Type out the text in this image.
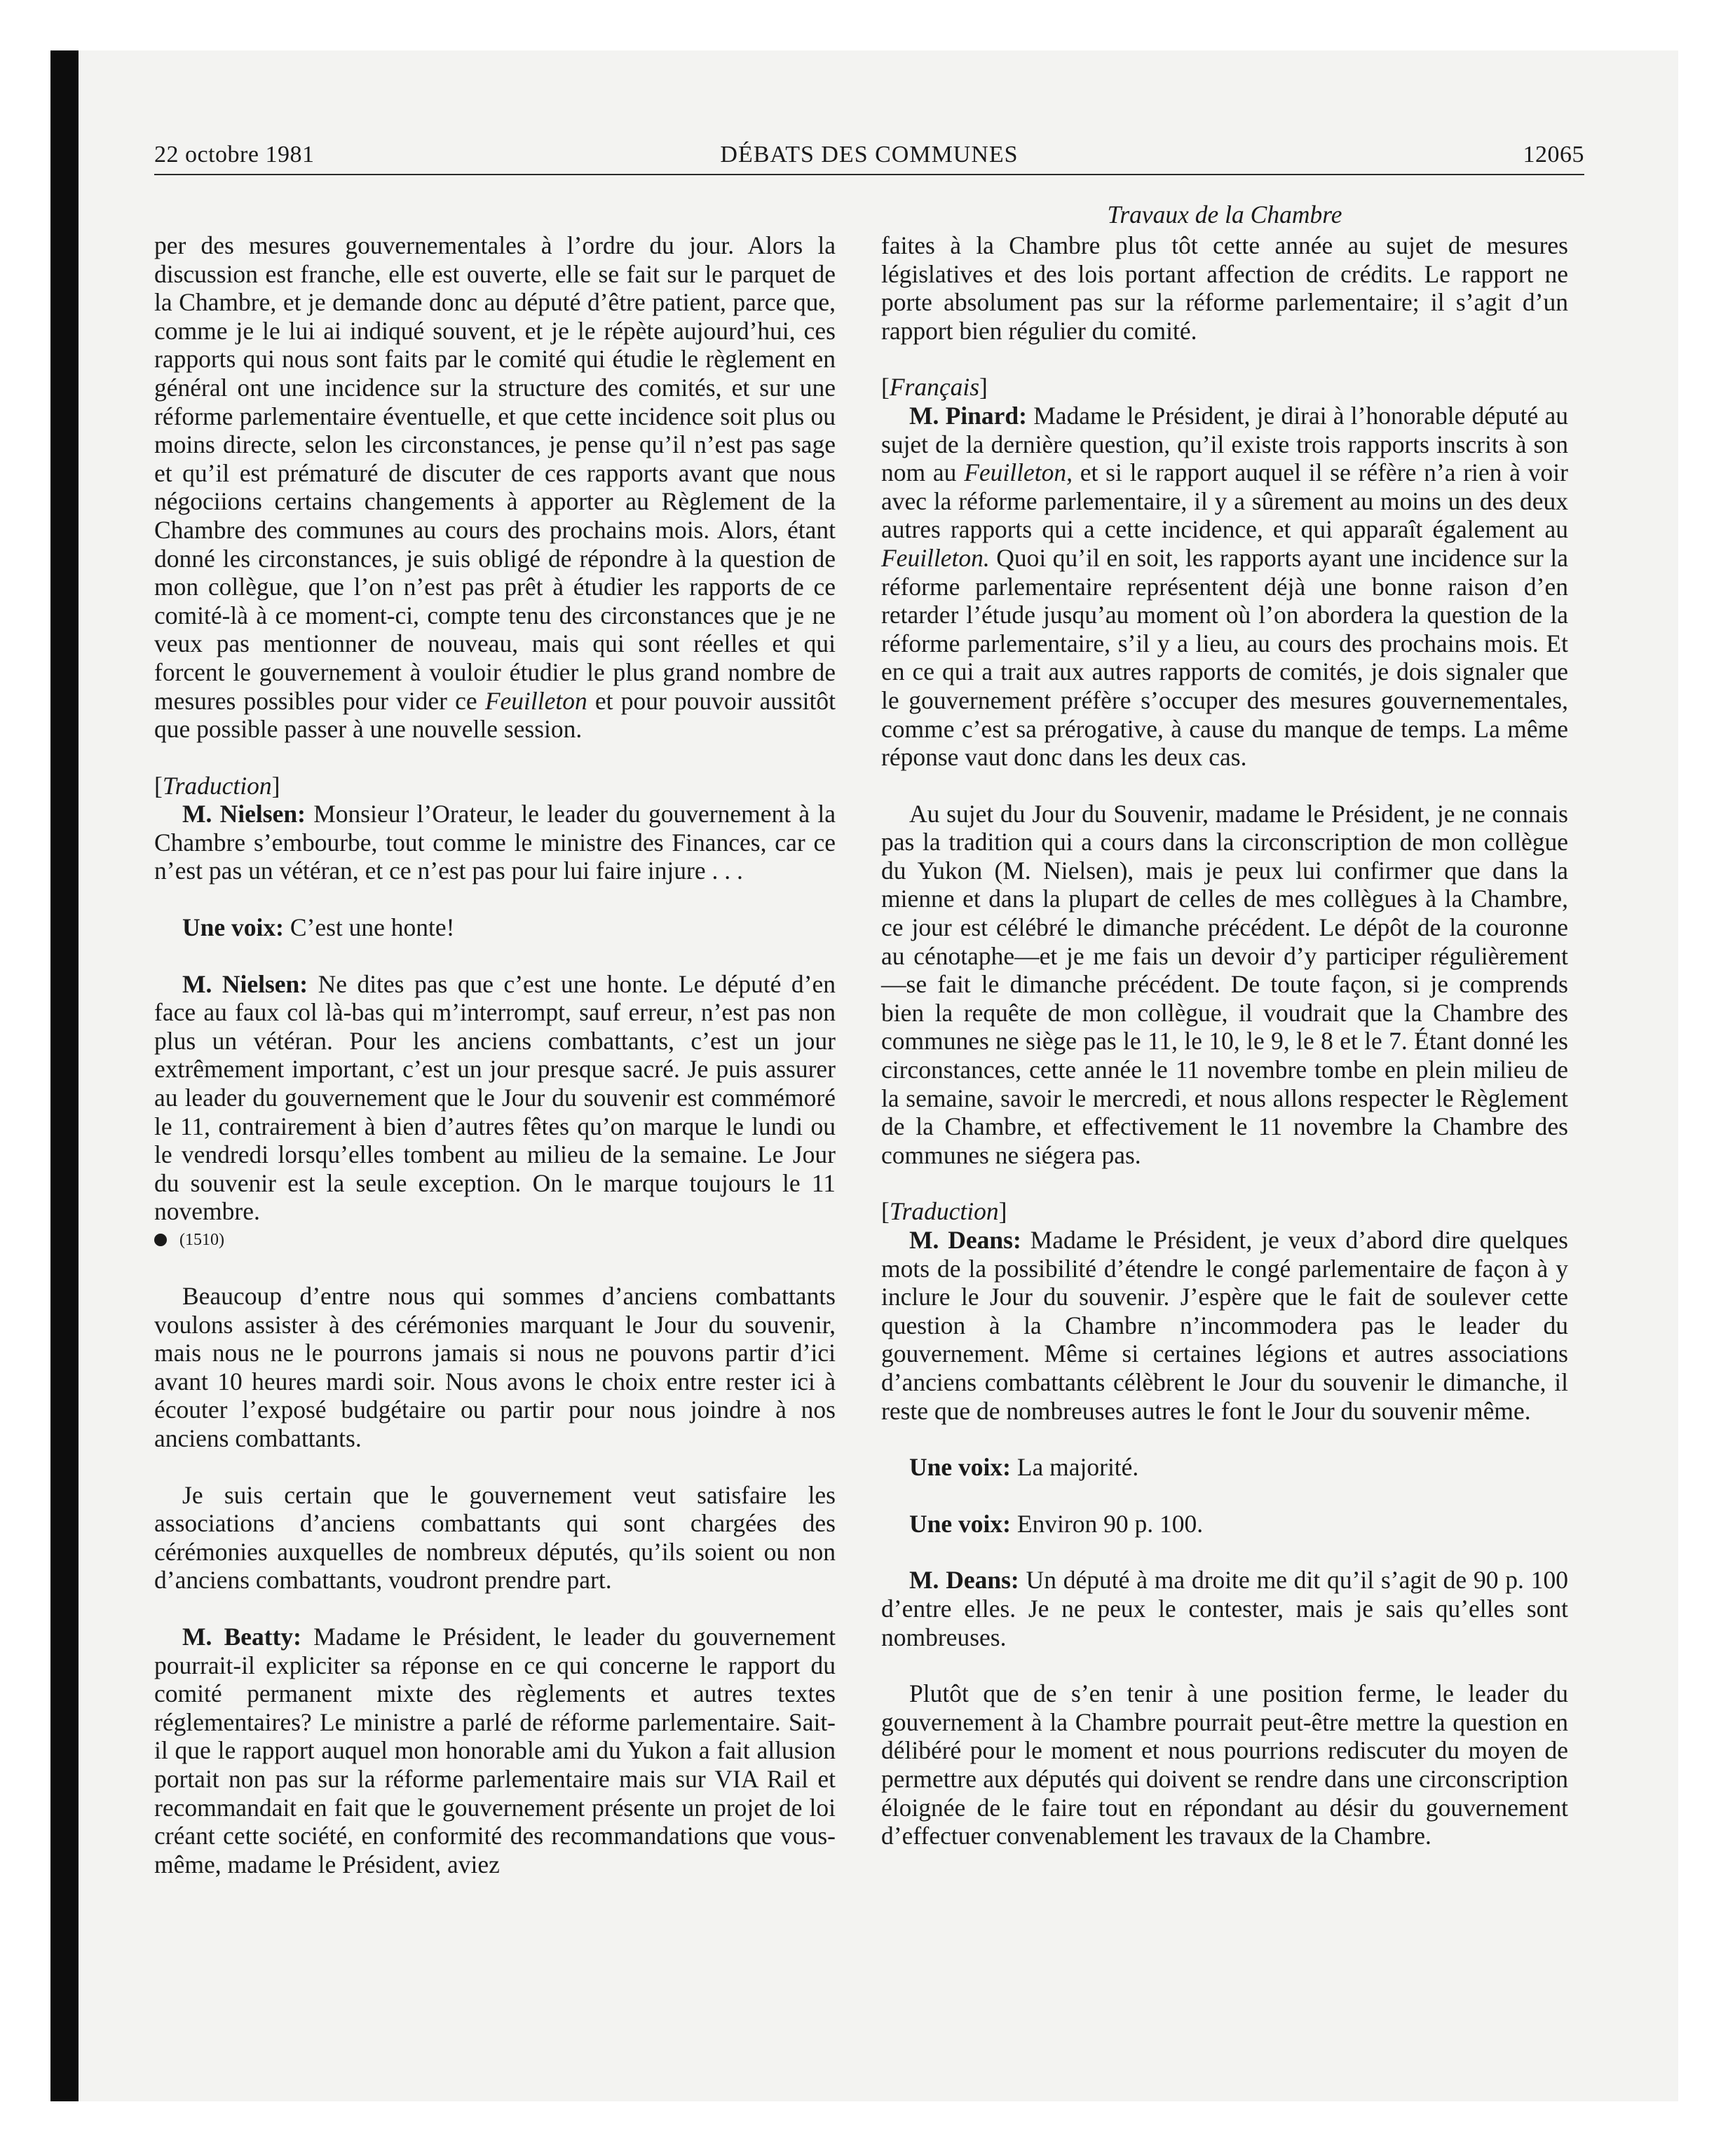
22 octobre 1981	DÉBATS DES COMMUNES	12065
Travaux de la Chambre

per des mesures gouvernementales à l’ordre du jour. Alors la discussion est franche, elle est ouverte, elle se fait sur le parquet de la Chambre, et je demande donc au député d’être patient, parce que, comme je le lui ai indiqué souvent, et je le répète aujourd’hui, ces rapports qui nous sont faits par le comité qui étudie le règlement en général ont une incidence sur la structure des comités, et sur une réforme parlementaire éventuelle, et que cette incidence soit plus ou moins directe, selon les circonstances, je pense qu’il n’est pas sage et qu’il est prématuré de discuter de ces rapports avant que nous négociions certains changements à apporter au Règlement de la Chambre des communes au cours des prochains mois. Alors, étant donné les circonstances, je suis obligé de répondre à la question de mon collègue, que l’on n’est pas prêt à étudier les rapports de ce comité-là à ce moment-ci, compte tenu des circonstances que je ne veux pas mentionner de nouveau, mais qui sont réelles et qui forcent le gouvernement à vouloir étudier le plus grand nombre de mesures possibles pour vider ce Feuilleton et pour pouvoir aussitôt que possible passer à une nouvelle session.

[Traduction]

M. Nielsen: Monsieur l’Orateur, le leader du gouvernement à la Chambre s’embourbe, tout comme le ministre des Finances, car ce n’est pas un vétéran, et ce n’est pas pour lui faire injure . . .

Une voix: C’est une honte!

M. Nielsen: Ne dites pas que c’est une honte. Le député d’en face au faux col là-bas qui m’interrompt, sauf erreur, n’est pas non plus un vétéran. Pour les anciens combattants, c’est un jour extrêmement important, c’est un jour presque sacré. Je puis assurer au leader du gouvernement que le Jour du souvenir est commémoré le 11, contrairement à bien d’autres fêtes qu’on marque le lundi ou le vendredi lorsqu’elles tombent au milieu de la semaine. Le Jour du souvenir est la seule exception. On le marque toujours le 11 novembre.

(1510)

Beaucoup d’entre nous qui sommes d’anciens combattants voulons assister à des cérémonies marquant le Jour du souvenir, mais nous ne le pourrons jamais si nous ne pouvons partir d’ici avant 10 heures mardi soir. Nous avons le choix entre rester ici à écouter l’exposé budgétaire ou partir pour nous joindre à nos anciens combattants.

Je suis certain que le gouvernement veut satisfaire les associations d’anciens combattants qui sont chargées des cérémonies auxquelles de nombreux députés, qu’ils soient ou non d’anciens combattants, voudront prendre part.

M. Beatty: Madame le Président, le leader du gouvernement pourrait-il expliciter sa réponse en ce qui concerne le rapport du comité permanent mixte des règlements et autres textes réglementaires? Le ministre a parlé de réforme parlementaire. Sait-il que le rapport auquel mon honorable ami du Yukon a fait allusion portait non pas sur la réforme parlementaire mais sur VIA Rail et recommandait en fait que le gouvernement présente un projet de loi créant cette société, en conformité des recommandations que vous-même, madame le Président, aviez

faites à la Chambre plus tôt cette année au sujet de mesures législatives et des lois portant affection de crédits. Le rapport ne porte absolument pas sur la réforme parlementaire; il s’agit d’un rapport bien régulier du comité.

[Français]

M. Pinard: Madame le Président, je dirai à l’honorable député au sujet de la dernière question, qu’il existe trois rapports inscrits à son nom au Feuilleton, et si le rapport auquel il se réfère n’a rien à voir avec la réforme parlementaire, il y a sûrement au moins un des deux autres rapports qui a cette incidence, et qui apparaît également au Feuilleton. Quoi qu’il en soit, les rapports ayant une incidence sur la réforme parlementaire représentent déjà une bonne raison d’en retarder l’étude jusqu’au moment où l’on abordera la question de la réforme parlementaire, s’il y a lieu, au cours des prochains mois. Et en ce qui a trait aux autres rapports de comités, je dois signaler que le gouvernement préfère s’occuper des mesures gouvernementales, comme c’est sa prérogative, à cause du manque de temps. La même réponse vaut donc dans les deux cas.

Au sujet du Jour du Souvenir, madame le Président, je ne connais pas la tradition qui a cours dans la circonscription de mon collègue du Yukon (M. Nielsen), mais je peux lui confirmer que dans la mienne et dans la plupart de celles de mes collègues à la Chambre, ce jour est célébré le dimanche précédent. Le dépôt de la couronne au cénotaphe—et je me fais un devoir d’y participer régulièrement—se fait le dimanche précédent. De toute façon, si je comprends bien la requête de mon collègue, il voudrait que la Chambre des communes ne siège pas le 11, le 10, le 9, le 8 et le 7. Étant donné les circonstances, cette année le 11 novembre tombe en plein milieu de la semaine, savoir le mercredi, et nous allons respecter le Règlement de la Chambre, et effectivement le 11 novembre la Chambre des communes ne siégera pas.

[Traduction]

M. Deans: Madame le Président, je veux d’abord dire quelques mots de la possibilité d’étendre le congé parlementaire de façon à y inclure le Jour du souvenir. J’espère que le fait de soulever cette question à la Chambre n’incommodera pas le leader du gouvernement. Même si certaines légions et autres associations d’anciens combattants célèbrent le Jour du souvenir le dimanche, il reste que de nombreuses autres le font le Jour du souvenir même.

Une voix: La majorité.

Une voix: Environ 90 p. 100.

M. Deans: Un député à ma droite me dit qu’il s’agit de 90 p. 100 d’entre elles. Je ne peux le contester, mais je sais qu’elles sont nombreuses.

Plutôt que de s’en tenir à une position ferme, le leader du gouvernement à la Chambre pourrait peut-être mettre la question en délibéré pour le moment et nous pourrions rediscuter du moyen de permettre aux députés qui doivent se rendre dans une circonscription éloignée de le faire tout en répondant au désir du gouvernement d’effectuer convenablement les travaux de la Chambre.
